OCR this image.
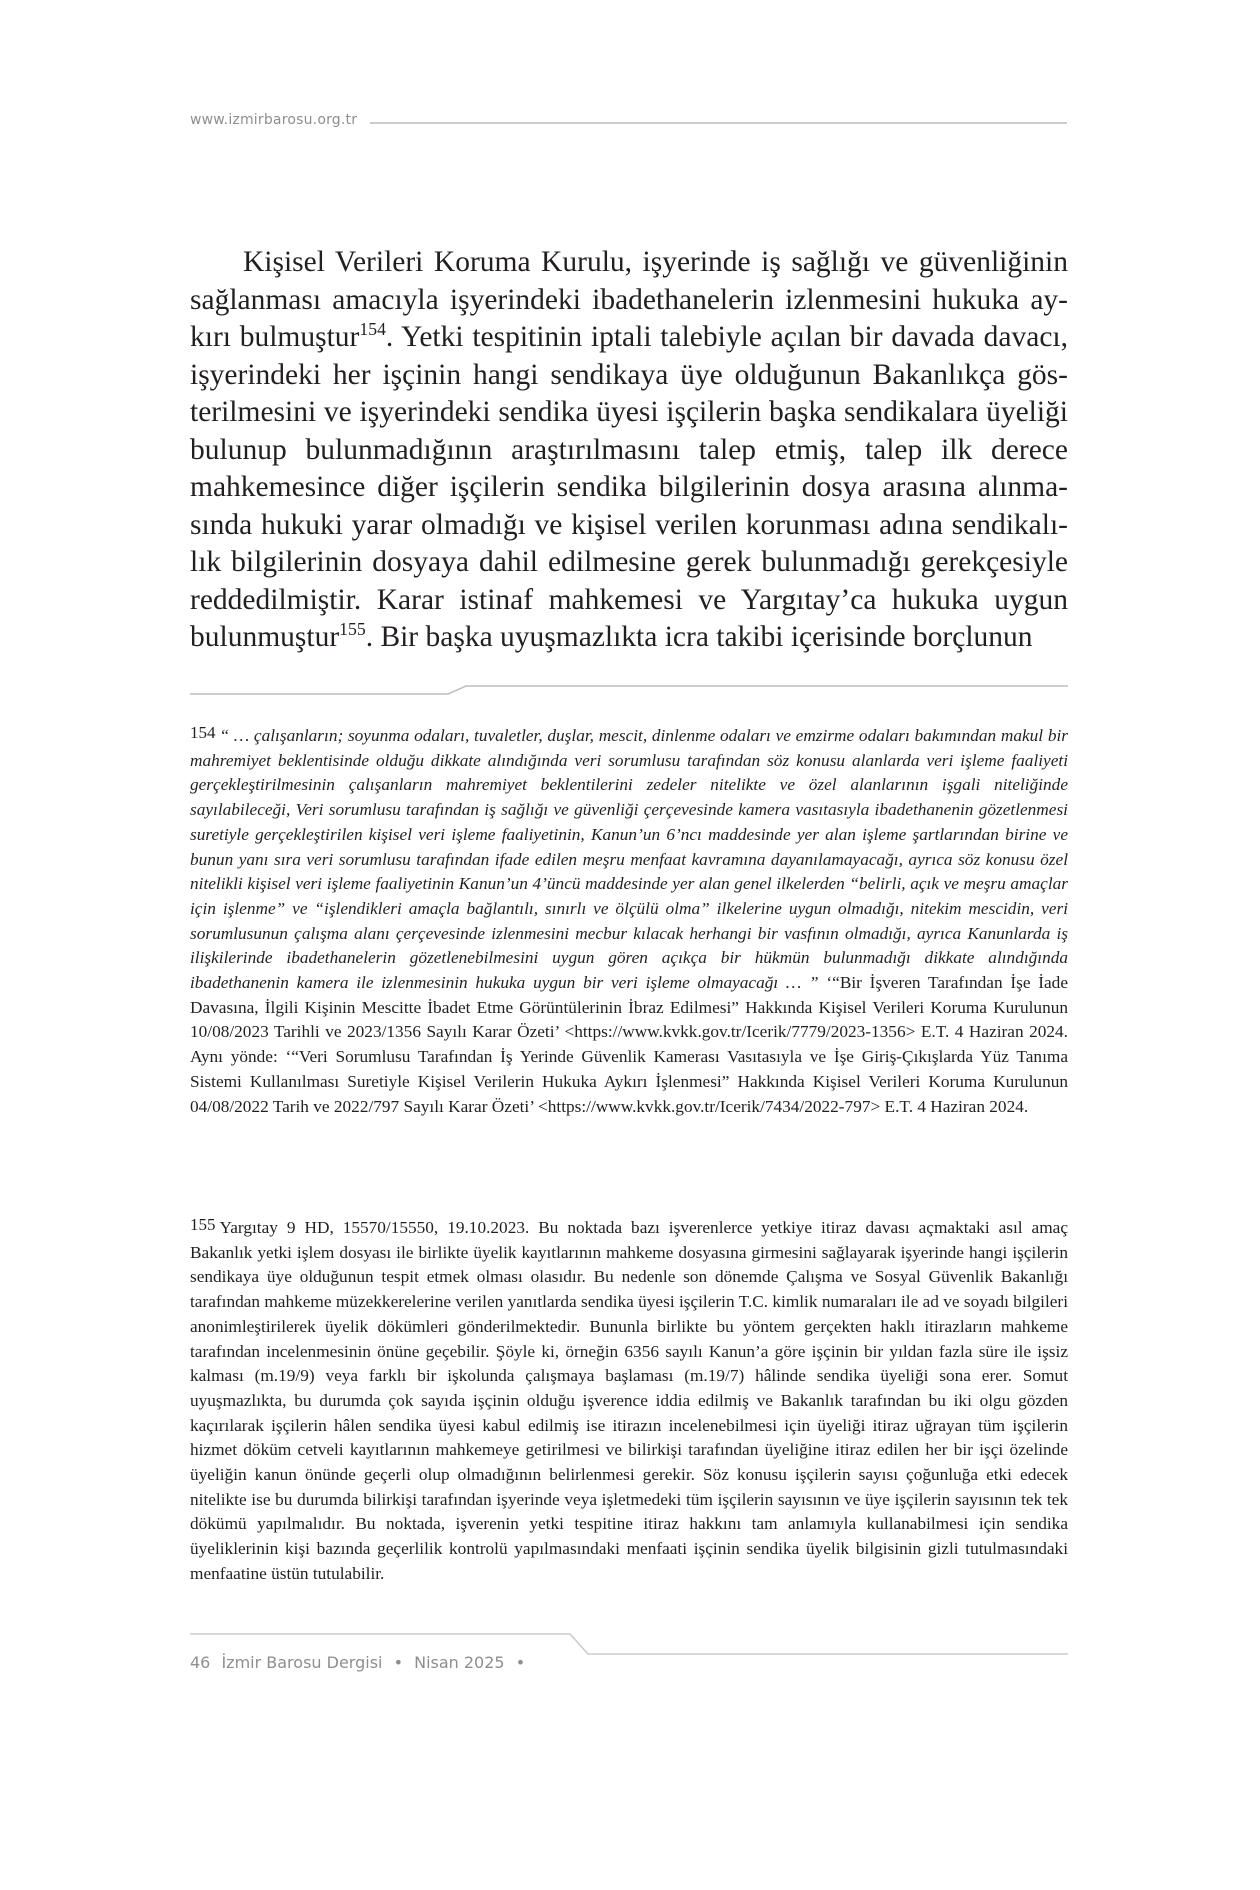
www.izmirbarosu.org.tr

Kişisel Verileri Koruma Kurulu, işyerinde iş sağlığı ve güvenliğinin sağlanması amacıyla işyerindeki ibadethanelerin izlenmesini hukuka aykırı bulmuştur$^{154}$. Yetki tespitinin iptali talebiyle açılan bir davada davacı, işyerindeki her işçinin hangi sendikaya üye olduğunun Bakanlıkça gösterilmesini ve işyerindeki sendika üyesi işçilerin başka sendikalara üyeliği bulunup bulunmadığının araştırılmasını talep etmiş, talep ilk derece mahkemesince diğer işçilerin sendika bilgilerinin dosya arasına alınmasında hukuki yarar olmadığı ve kişisel verilen korunması adına sendikalılık bilgilerinin dosyaya dahil edilmesine gerek bulunmadığı gerekçesiyle reddedilmiştir. Karar istinaf mahkemesi ve Yargıtay’ca hukuka uygun bulunmuştur$^{155}$. Bir başka uyuşmazlıkta icra takibi içerisinde borçlunun

154 “ … çalışanların; soyunma odaları, tuvaletler, duşlar, mescit, dinlenme odaları ve emzirme odaları bakımından makul bir mahremiyet beklentisinde olduğu dikkate alındığında veri sorumlusu tarafından söz konusu alanlarda veri işleme faaliyeti gerçekleştirilmesinin çalışanların mahremiyet beklentilerini zedeler nitelikte ve özel alanlarının işgali niteliğinde sayılabileceği, Veri sorumlusu tarafından iş sağlığı ve güvenliği çerçevesinde kamera vasıtasıyla ibadethanenin gözetlenmesi suretiyle gerçekleştirilen kişisel veri işleme faaliyetinin, Kanun’un 6’ncı maddesinde yer alan işleme şartlarından birine ve bunun yanı sıra veri sorumlusu tarafından ifade edilen meşru menfaat kavramına dayanılamayacağı, ayrıca söz konusu özel nitelikli kişisel veri işleme faaliyetinin Kanun’un 4’üncü maddesinde yer alan genel ilkelerden “belirli, açık ve meşru amaçlar için işlenme” ve “işlendikleri amaçla bağlantılı, sınırlı ve ölçülü olma” ilkelerine uygun olmadığı, nitekim mescidin, veri sorumlusunun çalışma alanı çerçevesinde izlenmesini mecbur kılacak herhangi bir vasfının olmadığı, ayrıca Kanunlarda iş ilişkilerinde ibadethanelerin gözetlenebilmesini uygun gören açıkça bir hükmün bulunmadığı dikkate alındığında ibadethanenin kamera ile izlenmesinin hukuka uygun bir veri işleme olmayacağı … ” ‘“Bir İşveren Tarafından İşe İade Davasına, İlgili Kişinin Mescitte İbadet Etme Görüntülerinin İbraz Edilmesi” Hakkında Kişisel Verileri Koruma Kurulunun 10/08/2023 Tarihli ve 2023/1356 Sayılı Karar Özeti’ <https://www.kvkk.gov.tr/Icerik/7779/2023-1356> E.T. 4 Haziran 2024. Aynı yönde: ‘“Veri Sorumlusu Tarafından İş Yerinde Güvenlik Kamerası Vasıtasıyla ve İşe Giriş-Çıkışlarda Yüz Tanıma Sistemi Kullanılması Suretiyle Kişisel Verilerin Hukuka Aykırı İşlenmesi” Hakkında Kişisel Verileri Koruma Kurulunun 04/08/2022 Tarih ve 2022/797 Sayılı Karar Özeti’ <https://www.kvkk.gov.tr/Icerik/7434/2022-797> E.T. 4 Haziran 2024.

155 Yargıtay 9 HD, 15570/15550, 19.10.2023. Bu noktada bazı işverenlerce yetkiye itiraz davası açmaktaki asıl amaç Bakanlık yetki işlem dosyası ile birlikte üyelik kayıtlarının mahkeme dosyasına girmesini sağlayarak işyerinde hangi işçilerin sendikaya üye olduğunun tespit etmek olması olasıdır. Bu nedenle son dönemde Çalışma ve Sosyal Güvenlik Bakanlığı tarafından mahkeme müzekkerelerine verilen yanıtlarda sendika üyesi işçilerin T.C. kimlik numaraları ile ad ve soyadı bilgileri anonimleştirilerek üyelik dökümleri gönderilmektedir. Bununla birlikte bu yöntem gerçekten haklı itirazların mahkeme tarafından incelenmesinin önüne geçebilir. Şöyle ki, örneğin 6356 sayılı Kanun’a göre işçinin bir yıldan fazla süre ile işsiz kalması (m.19/9) veya farklı bir işkolunda çalışmaya başlaması (m.19/7) hâlinde sendika üyeliği sona erer. Somut uyuşmazlıkta, bu durumda çok sayıda işçinin olduğu işverence iddia edilmiş ve Bakanlık tarafından bu iki olgu gözden kaçırılarak işçilerin hâlen sendika üyesi kabul edilmiş ise itirazın incelenebilmesi için üyeliği itiraz uğrayan tüm işçilerin hizmet döküm cetveli kayıtlarının mahkemeye getirilmesi ve bilirkişi tarafından üyeliğine itiraz edilen her bir işçi özelinde üyeliğin kanun önünde geçerli olup olmadığının belirlenmesi gerekir. Söz konusu işçilerin sayısı çoğunluğa etki edecek nitelikte ise bu durumda bilirkişi tarafından işyerinde veya işletmedeki tüm işçilerin sayısının ve üye işçilerin sayısının tek tek dökümü yapılmalıdır. Bu noktada, işverenin yetki tespitine itiraz hakkını tam anlamıyla kullanabilmesi için sendika üyeliklerinin kişi bazında geçerlilik kontrolü yapılmasındaki menfaati işçinin sendika üyelik bilgisinin gizli tutulmasındaki menfaatine üstün tutulabilir.

46 İzmir Barosu Dergisi • Nisan 2025 •
